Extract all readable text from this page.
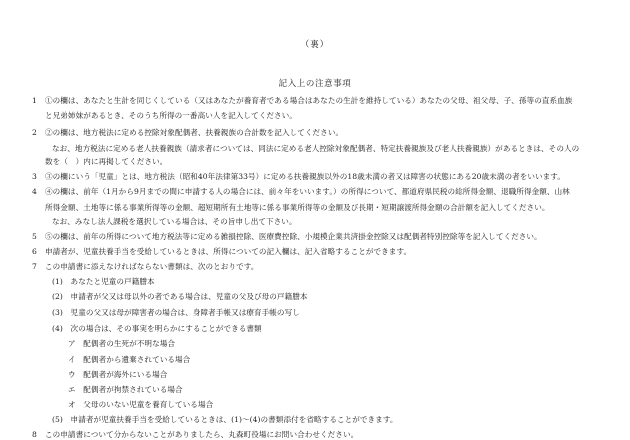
（裏）
記入上の注意事項
1 ①の欄は、あなたと生計を同じくしている（又はあなたが養育者である場合はあなたの生計を維持している）あなたの父母、祖父母、子、孫等の直系血族
と兄弟姉妹があるとき、そのうち所得の一番高い人を記入してください。
2 ②の欄は、地方税法に定める控除対象配偶者、扶養親族の合計数を記入してください。
なお、地方税法に定める老人扶養親族（請求者については、同法に定める老人控除対象配偶者、特定扶養親族及び老人扶養親族）があるときは、その人の
数を（　）内に再掲してください。
3 ③の欄にいう「児童」とは、地方税法（昭和40年法律第33号）に定める扶養親族以外の18歳未満の者又は障害の状態にある20歳未満の者をいいます。
4 ④の欄は、前年（1月から9月までの間に申請する人の場合には、前々年をいいます。）の所得について、都道府県民税の総所得金額、退職所得金額、山林
所得金額、土地等に係る事業所得等の金額、超短期所有土地等に係る事業所得等の金額及び長期・短期譲渡所得金額の合計額を記入してください。
なお、みなし法人課税を選択している場合は、その旨申し出て下さい。
5 ⑤の欄は、前年の所得について地方税法等に定める雑損控除、医療費控除、小規模企業共済掛金控除又は配偶者特別控除等を記入してください。
6 申請者が、児童扶養手当を受給しているときは、所得についての記入欄は、記入省略することができます。
7 この申請書に添えなければならない書類は、次のとおりです。
(1)　あなたと児童の戸籍謄本
(2)　申請者が父又は母以外の者である場合は、児童の父及び母の戸籍謄本
(3)　児童の父又は母が障害者の場合は、身障者手帳又は療育手帳の写し
(4)　次の場合は、その事実を明らかにすることができる書類
ア　配偶者の生死が不明な場合
イ　配偶者から遺棄されている場合
ウ　配偶者が海外にいる場合
エ　配偶者が拘禁されている場合
オ　父母のいない児童を養育している場合
(5)　申請者が児童扶養手当を受給しているときは、(1)～(4)の書類添付を省略することができます。
8 この申請書について分からないことがありましたら、丸森町役場にお問い合わせください。
